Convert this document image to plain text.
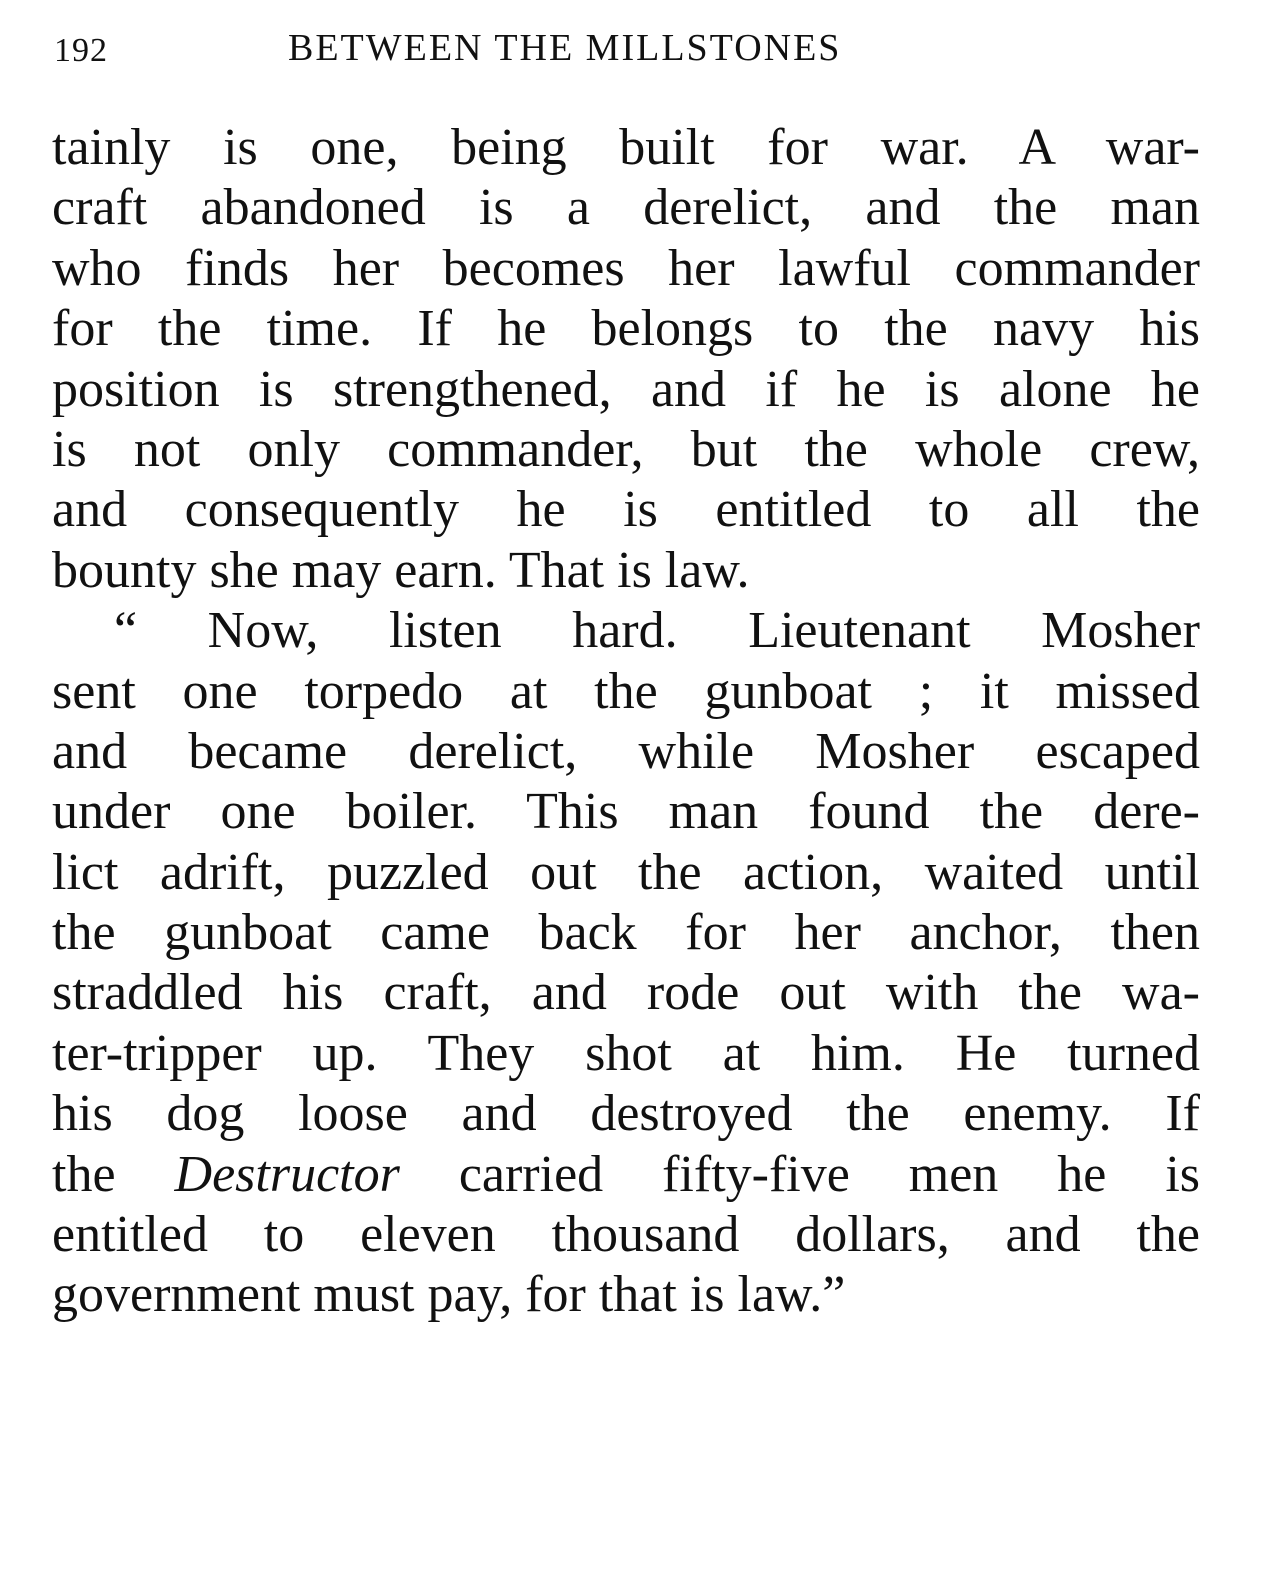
192	BETWEEN THE MILLSTONES
tainly is one, being built for war. A war-
craft abandoned is a derelict, and the man
who finds her becomes her lawful commander
for the time. If he belongs to the navy his
position is strengthened, and if he is alone he
is not only commander, but the whole crew,
and consequently he is entitled to all the
bounty she may earn. That is law.
“ Now, listen hard. Lieutenant Mosher
sent one torpedo at the gunboat ; it missed
and became derelict, while Mosher escaped
under one boiler. This man found the dere-
lict adrift, puzzled out the action, waited until
the gunboat came back for her anchor, then
straddled his craft, and rode out with the wa-
ter-tripper up. They shot at him. He turned
his dog loose and destroyed the enemy. If
the Destructor carried fifty-five men he is
entitled to eleven thousand dollars, and the
government must pay, for that is law.”
